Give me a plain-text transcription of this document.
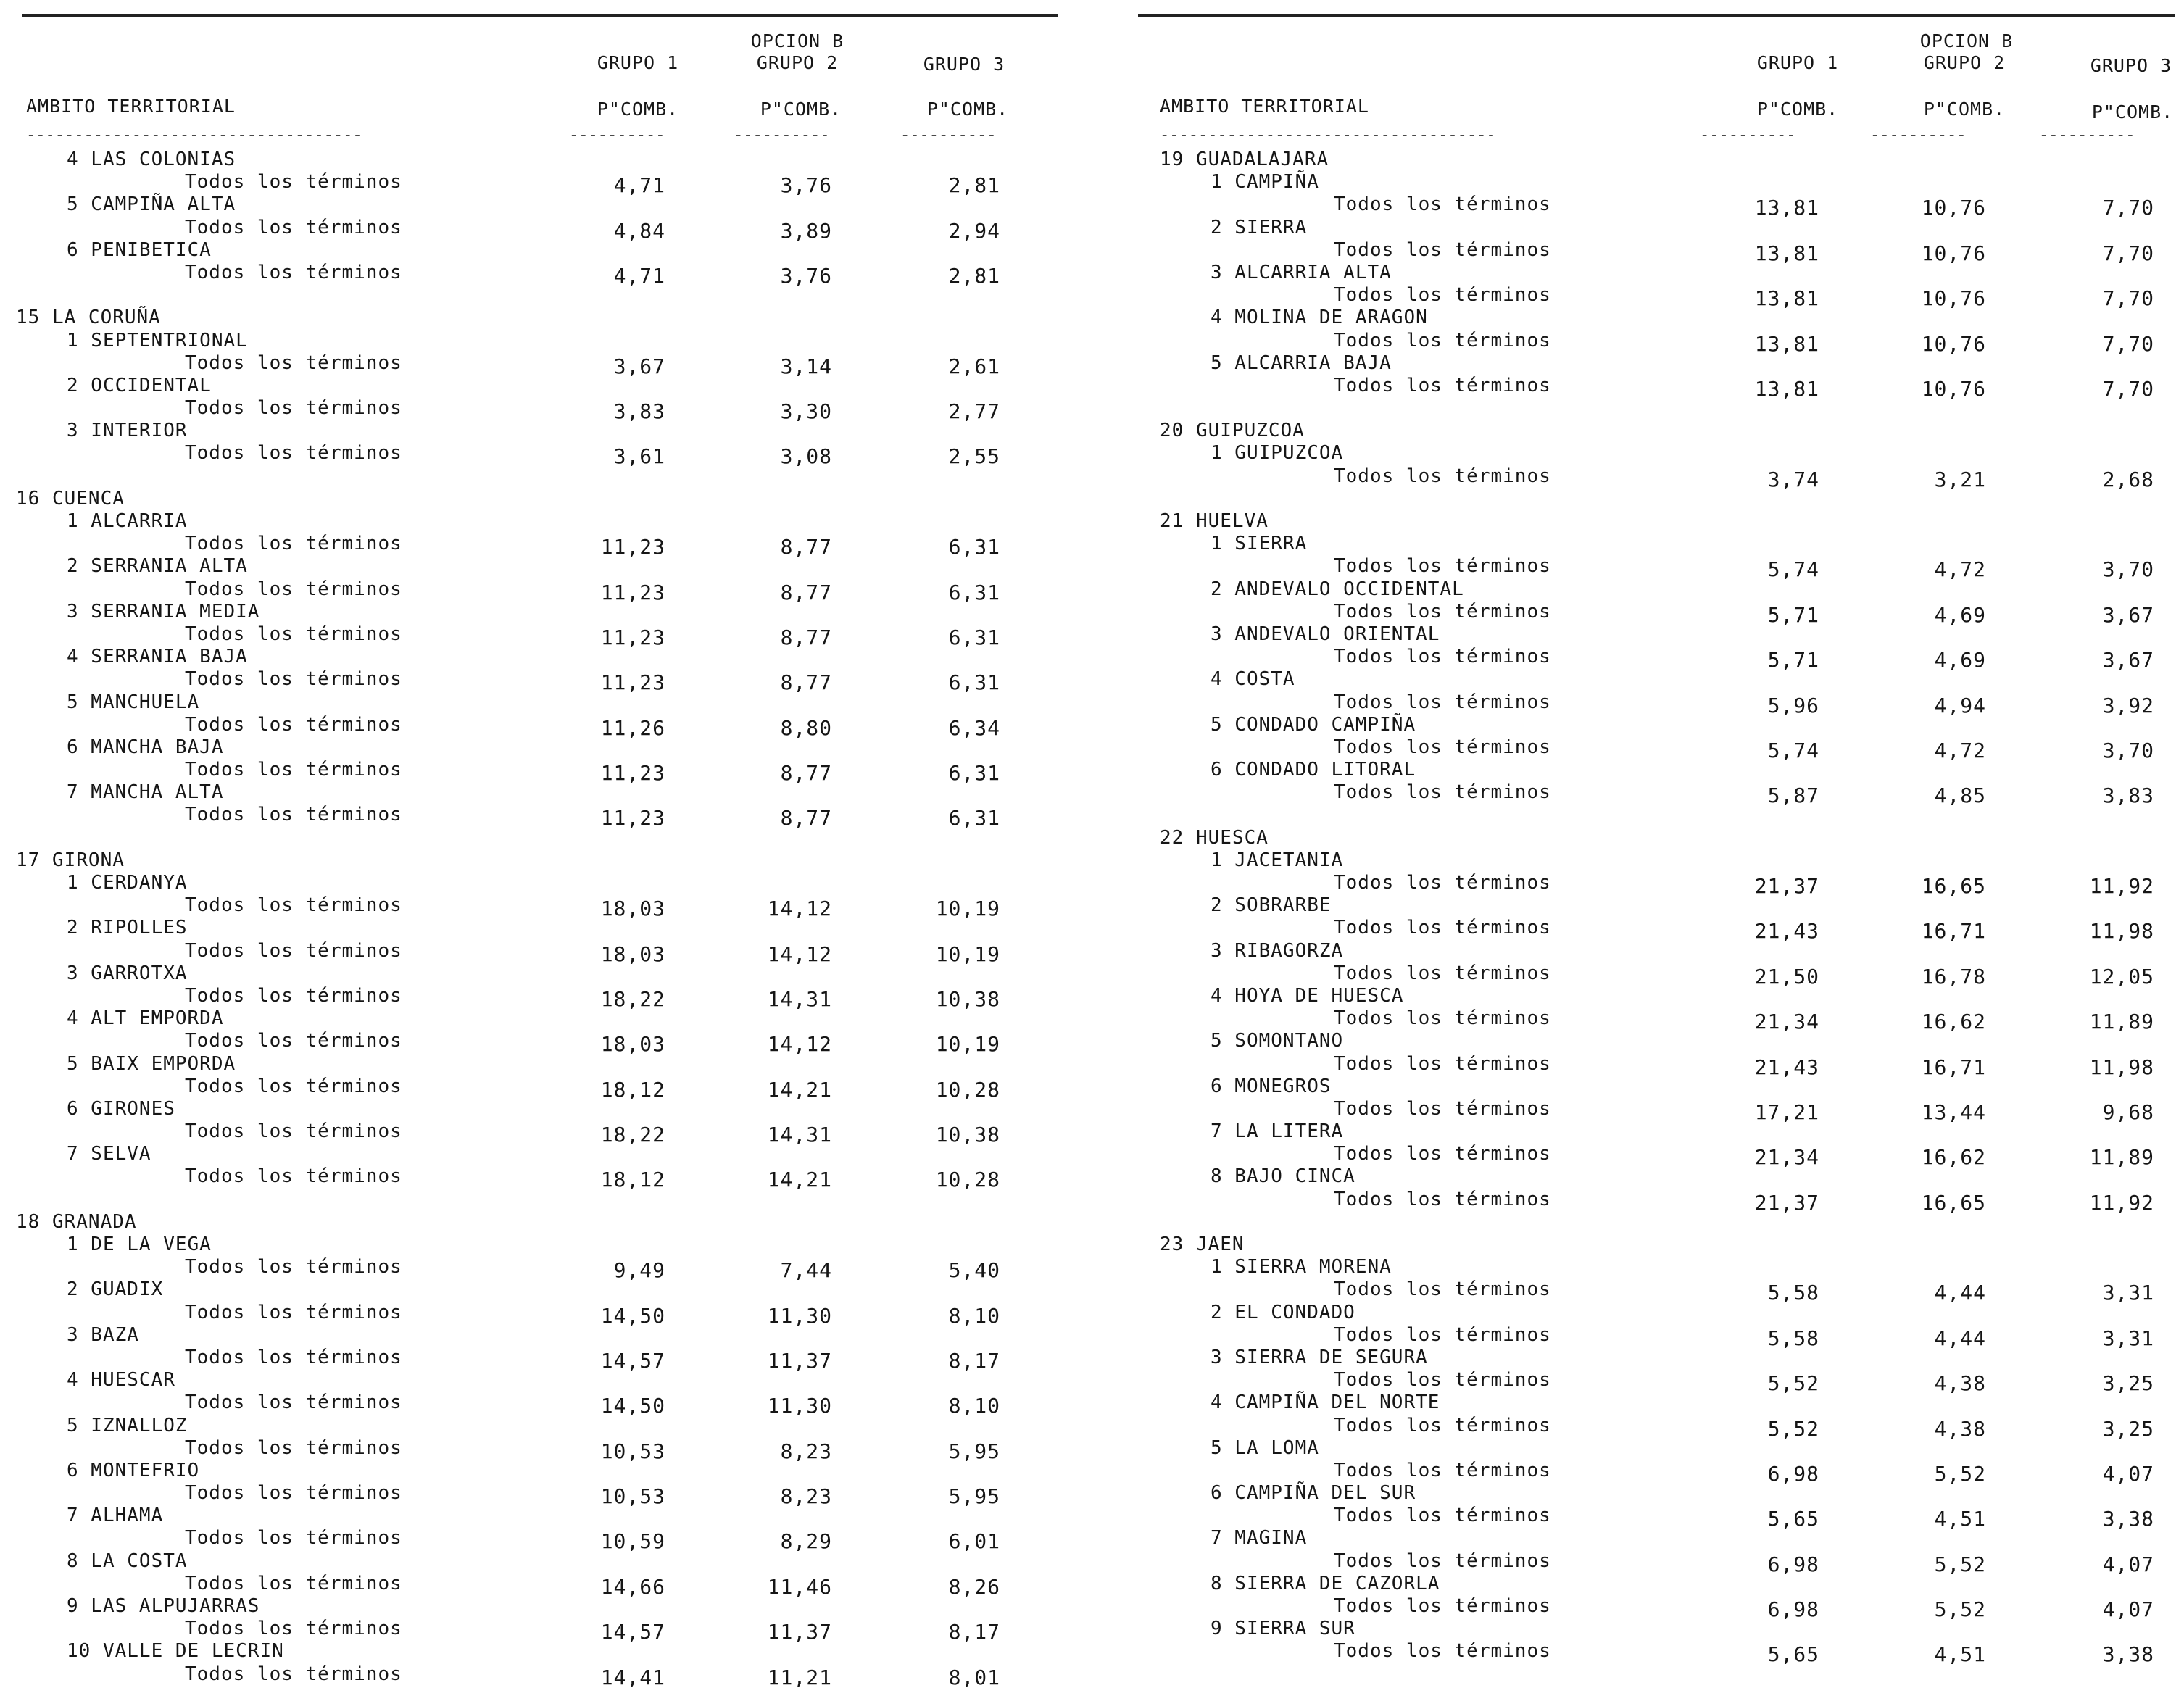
OPCION B
GRUPO 1	GRUPO 2	GRUPO 3
AMBITO TERRITORIAL	P"COMB.	P"COMB.	P"COMB.
-----------------------------------	----------	----------	----------
4 LAS COLONIAS
Todos los términos	4,71	3,76	2,81
5 CAMPIÑA ALTA
Todos los términos	4,84	3,89	2,94
6 PENIBETICA
Todos los términos	4,71	3,76	2,81
15 LA CORUÑA
1 SEPTENTRIONAL
Todos los términos	3,67	3,14	2,61
2 OCCIDENTAL
Todos los términos	3,83	3,30	2,77
3 INTERIOR
Todos los términos	3,61	3,08	2,55
16 CUENCA
1 ALCARRIA
Todos los términos	11,23	8,77	6,31
2 SERRANIA ALTA
Todos los términos	11,23	8,77	6,31
3 SERRANIA MEDIA
Todos los términos	11,23	8,77	6,31
4 SERRANIA BAJA
Todos los términos	11,23	8,77	6,31
5 MANCHUELA
Todos los términos	11,26	8,80	6,34
6 MANCHA BAJA
Todos los términos	11,23	8,77	6,31
7 MANCHA ALTA
Todos los términos	11,23	8,77	6,31
17 GIRONA
1 CERDANYA
Todos los términos	18,03	14,12	10,19
2 RIPOLLES
Todos los términos	18,03	14,12	10,19
3 GARROTXA
Todos los términos	18,22	14,31	10,38
4 ALT EMPORDA
Todos los términos	18,03	14,12	10,19
5 BAIX EMPORDA
Todos los términos	18,12	14,21	10,28
6 GIRONES
Todos los términos	18,22	14,31	10,38
7 SELVA
Todos los términos	18,12	14,21	10,28
18 GRANADA
1 DE LA VEGA
Todos los términos	9,49	7,44	5,40
2 GUADIX
Todos los términos	14,50	11,30	8,10
3 BAZA
Todos los términos	14,57	11,37	8,17
4 HUESCAR
Todos los términos	14,50	11,30	8,10
5 IZNALLOZ
Todos los términos	10,53	8,23	5,95
6 MONTEFRIO
Todos los términos	10,53	8,23	5,95
7 ALHAMA
Todos los términos	10,59	8,29	6,01
8 LA COSTA
Todos los términos	14,66	11,46	8,26
9 LAS ALPUJARRAS
Todos los términos	14,57	11,37	8,17
10 VALLE DE LECRIN
Todos los términos	14,41	11,21	8,01
OPCION B
GRUPO 1	GRUPO 2	GRUPO 3
AMBITO TERRITORIAL	P"COMB.	P"COMB.	P"COMB.
-----------------------------------	----------	----------	----------
19 GUADALAJARA
1 CAMPIÑA
Todos los términos	13,81	10,76	7,70
2 SIERRA
Todos los términos	13,81	10,76	7,70
3 ALCARRIA ALTA
Todos los términos	13,81	10,76	7,70
4 MOLINA DE ARAGON
Todos los términos	13,81	10,76	7,70
5 ALCARRIA BAJA
Todos los términos	13,81	10,76	7,70
20 GUIPUZCOA
1 GUIPUZCOA
Todos los términos	3,74	3,21	2,68
21 HUELVA
1 SIERRA
Todos los términos	5,74	4,72	3,70
2 ANDEVALO OCCIDENTAL
Todos los términos	5,71	4,69	3,67
3 ANDEVALO ORIENTAL
Todos los términos	5,71	4,69	3,67
4 COSTA
Todos los términos	5,96	4,94	3,92
5 CONDADO CAMPIÑA
Todos los términos	5,74	4,72	3,70
6 CONDADO LITORAL
Todos los términos	5,87	4,85	3,83
22 HUESCA
1 JACETANIA
Todos los términos	21,37	16,65	11,92
2 SOBRARBE
Todos los términos	21,43	16,71	11,98
3 RIBAGORZA
Todos los términos	21,50	16,78	12,05
4 HOYA DE HUESCA
Todos los términos	21,34	16,62	11,89
5 SOMONTANO
Todos los términos	21,43	16,71	11,98
6 MONEGROS
Todos los términos	17,21	13,44	9,68
7 LA LITERA
Todos los términos	21,34	16,62	11,89
8 BAJO CINCA
Todos los términos	21,37	16,65	11,92
23 JAEN
1 SIERRA MORENA
Todos los términos	5,58	4,44	3,31
2 EL CONDADO
Todos los términos	5,58	4,44	3,31
3 SIERRA DE SEGURA
Todos los términos	5,52	4,38	3,25
4 CAMPIÑA DEL NORTE
Todos los términos	5,52	4,38	3,25
5 LA LOMA
Todos los términos	6,98	5,52	4,07
6 CAMPIÑA DEL SUR
Todos los términos	5,65	4,51	3,38
7 MAGINA
Todos los términos	6,98	5,52	4,07
8 SIERRA DE CAZORLA
Todos los términos	6,98	5,52	4,07
9 SIERRA SUR
Todos los términos	5,65	4,51	3,38
